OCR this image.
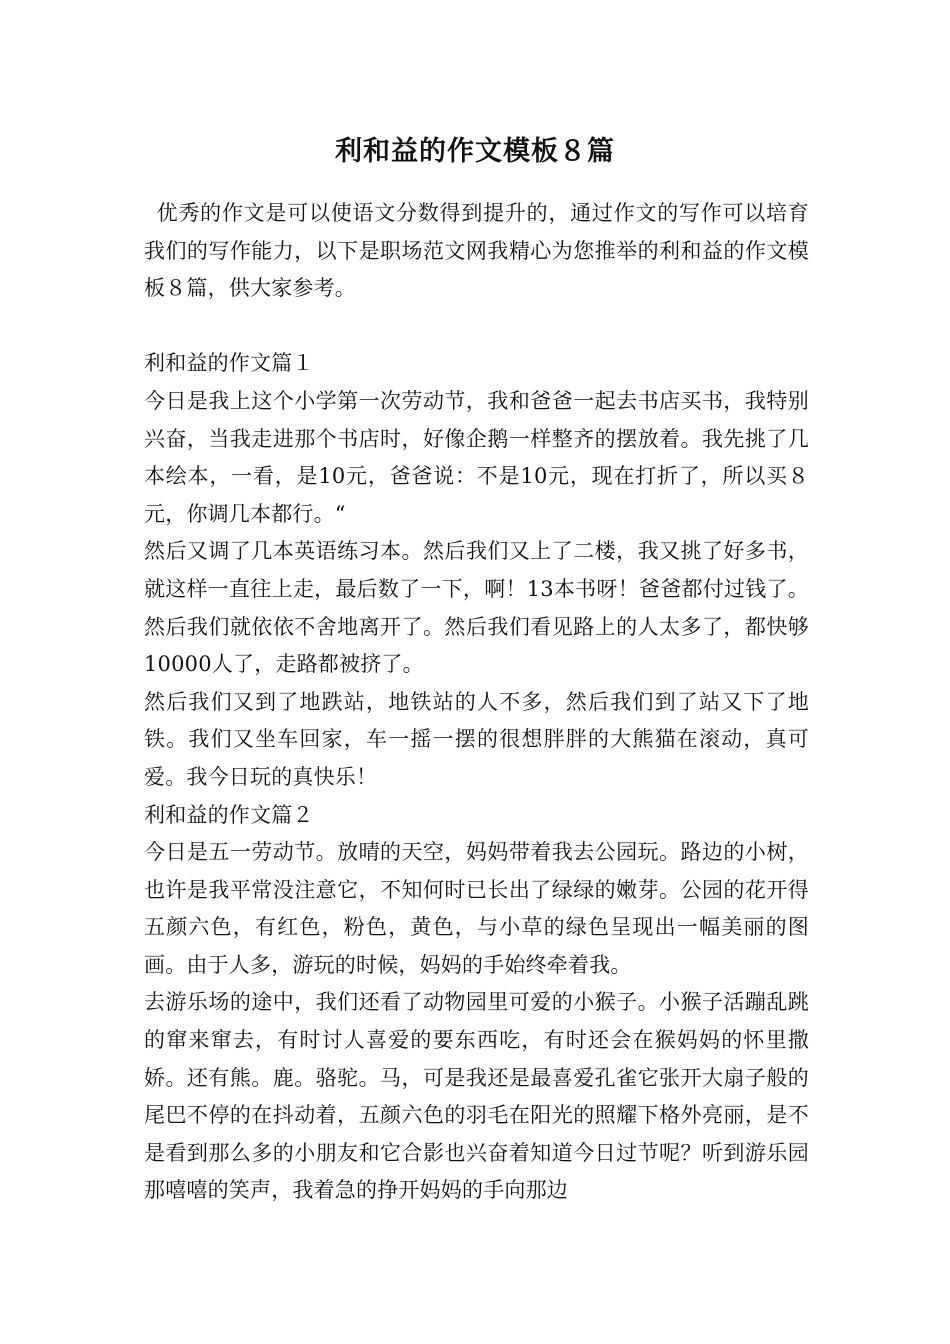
利和益的作文模板８篇

优秀的作文是可以使语文分数得到提升的，通过作文的写作可以培育我们的写作能力，以下是职场范文网我精心为您推举的利和益的作文模板８篇，供大家参考。

利和益的作文篇１

今日是我上这个小学第一次劳动节，我和爸爸一起去书店买书，我特别兴奋，当我走进那个书店时，好像企鹅一样整齐的摆放着。我先挑了几本绘本，一看，是10元，爸爸说：不是10元，现在打折了，所以买８元，你调几本都行。“

然后又调了几本英语练习本。然后我们又上了二楼，我又挑了好多书，就这样一直往上走，最后数了一下，啊！13本书呀！爸爸都付过钱了。然后我们就依依不舍地离开了。然后我们看见路上的人太多了，都快够10000人了，走路都被挤了。

然后我们又到了地跌站，地铁站的人不多，然后我们到了站又下了地铁。我们又坐车回家，车一摇一摆的很想胖胖的大熊猫在滚动，真可爱。我今日玩的真快乐！

利和益的作文篇２

今日是五一劳动节。放晴的天空，妈妈带着我去公园玩。路边的小树，也许是我平常没注意它，不知何时已长出了绿绿的嫩芽。公园的花开得五颜六色，有红色，粉色，黄色，与小草的绿色呈现出一幅美丽的图画。由于人多，游玩的时候，妈妈的手始终牵着我。

去游乐场的途中，我们还看了动物园里可爱的小猴子。小猴子活蹦乱跳的窜来窜去，有时讨人喜爱的要东西吃，有时还会在猴妈妈的怀里撒娇。还有熊。鹿。骆驼。马，可是我还是最喜爱孔雀它张开大扇子般的尾巴不停的在抖动着，五颜六色的羽毛在阳光的照耀下格外亮丽，是不是看到那么多的小朋友和它合影也兴奋着知道今日过节呢？听到游乐园那嘻嘻的笑声，我着急的挣开妈妈的手向那边
